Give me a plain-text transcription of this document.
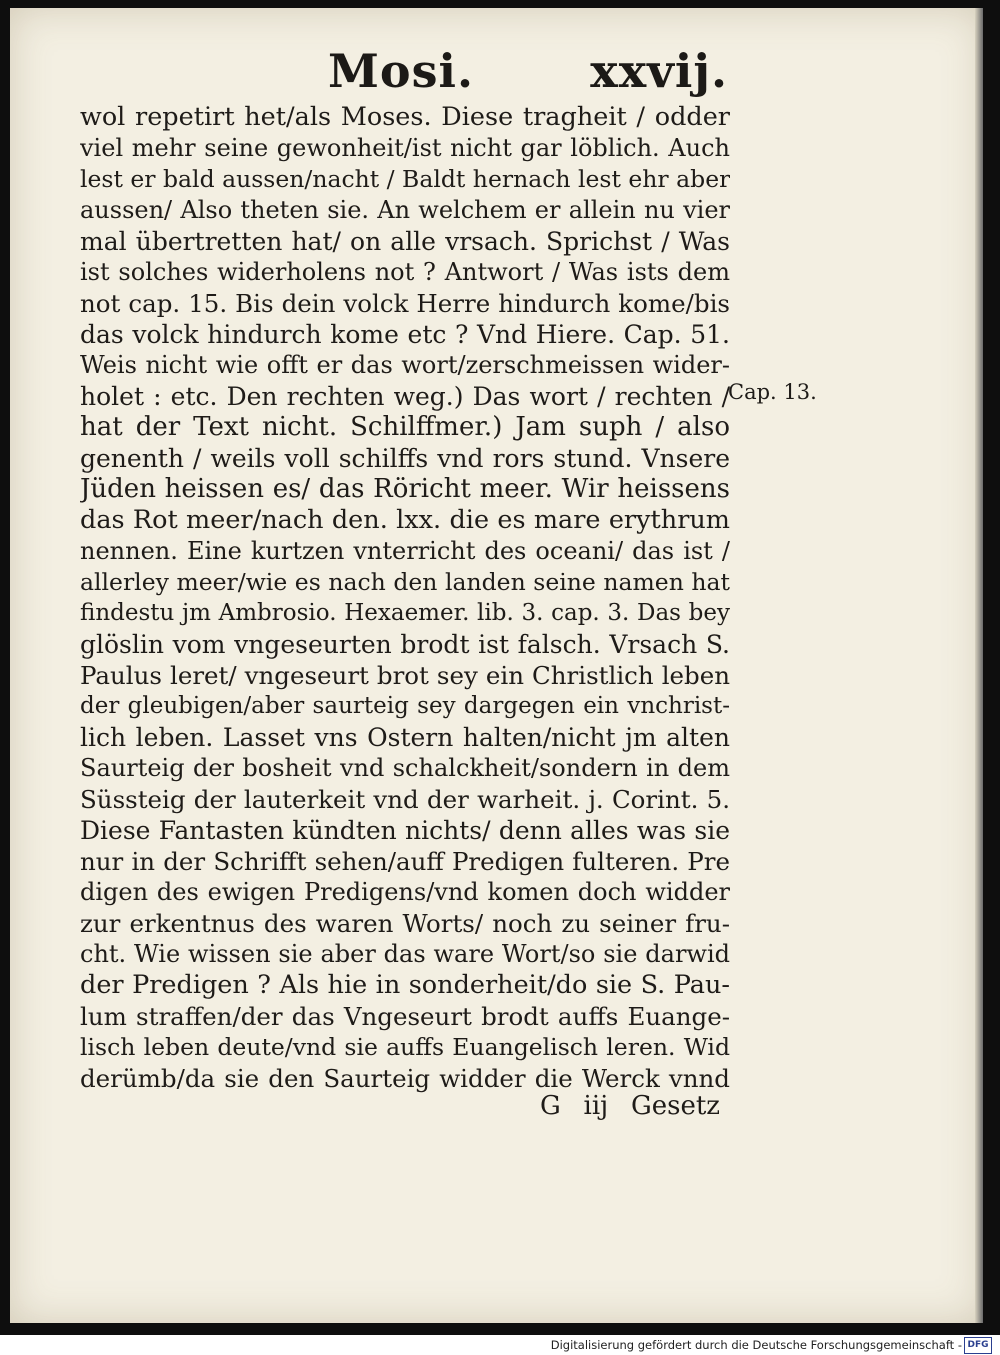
Mosi.	xxvij.
wol repetirt het/als Moses. Diese tragheit / odder
viel mehr seine gewonheit/ist nicht gar löblich. Auch
lest er bald aussen/nacht / Baldt hernach lest ehr aber
aussen/ Also theten sie. An welchem er allein nu vier
mal übertretten hat/ on alle vrsach. Sprichst / Was
ist solches widerholens not ? Antwort / Was ists dem
not cap. 15. Bis dein volck Herre hindurch kome/bis
das volck hindurch kome etc ? Vnd Hiere. Cap. 51.
Weis nicht wie offt er das wort/zerschmeissen wider-
holet : etc. Den rechten weg.) Das wort / rechten /
hat der Text nicht. Schilffmer.) Jam suph / also
genenth / weils voll schilffs vnd rors stund. Vnsere
Jüden heissen es/ das Röricht meer. Wir heissens
das Rot meer/nach den. lxx. die es mare erythrum
nennen. Eine kurtzen vnterricht des oceani/ das ist /
allerley meer/wie es nach den landen seine namen hat
findestu jm Ambrosio. Hexaemer. lib. 3. cap. 3. Das bey
glöslin vom vngeseurten brodt ist falsch. Vrsach S.
Paulus leret/ vngeseurt brot sey ein Christlich leben
der gleubigen/aber saurteig sey dargegen ein vnchrist-
lich leben. Lasset vns Ostern halten/nicht jm alten
Saurteig der bosheit vnd schalckheit/sondern in dem
Süssteig der lauterkeit vnd der warheit. j. Corint. 5.
Diese Fantasten kündten nichts/ denn alles was sie
nur in der Schrifft sehen/auff Predigen fulteren. Pre
digen des ewigen Predigens/vnd komen doch widder
zur erkentnus des waren Worts/ noch zu seiner fru-
cht. Wie wissen sie aber das ware Wort/so sie darwid
der Predigen ? Als hie in sonderheit/do sie S. Pau-
lum straffen/der das Vngeseurt brodt auffs Euange-
lisch leben deute/vnd sie auffs Euangelisch leren. Wid
derümb/da sie den Saurteig widder die Werck vnnd
Cap. 13.
G iij Gesetz
Digitalisierung gefördert durch die Deutsche Forschungsgemeinschaft - DFG
